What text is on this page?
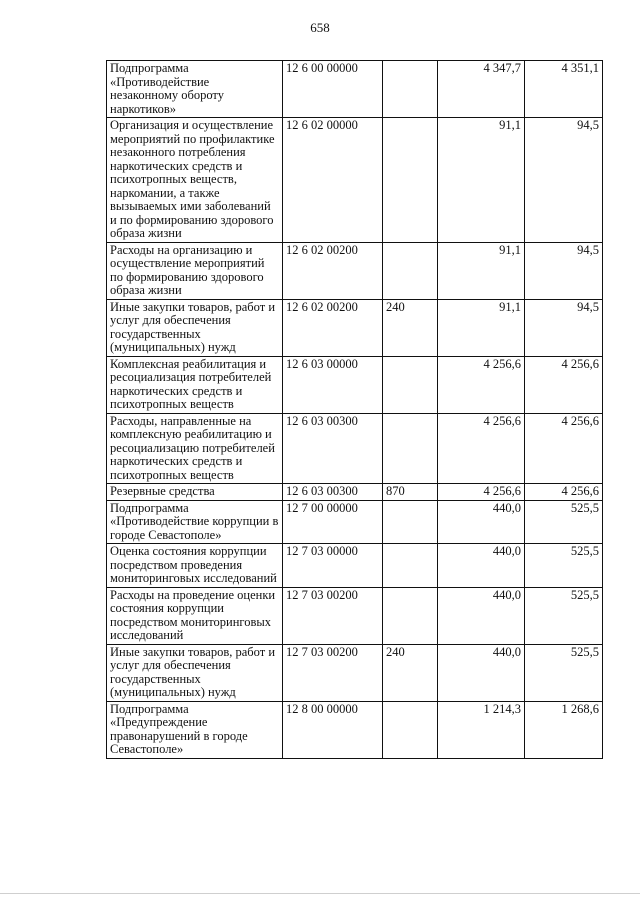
658
Подпрограмма «Противодействие незаконному обороту наркотиков»	12 6 00 00000		4 347,7	4 351,1
Организация и осуществление мероприятий по профилактике незаконного потребления наркотических средств и психотропных веществ, наркомании, а также вызываемых ими заболеваний и по формированию здорового образа жизни	12 6 02 00000		91,1	94,5
Расходы на организацию и осуществление мероприятий по формированию здорового образа жизни	12 6 02 00200		91,1	94,5
Иные закупки товаров, работ и услуг для обеспечения государственных (муниципальных) нужд	12 6 02 00200	240	91,1	94,5
Комплексная реабилитация и ресоциализация потребителей наркотических средств и психотропных веществ	12 6 03 00000		4 256,6	4 256,6
Расходы, направленные на комплексную реабилитацию и ресоциализацию потребителей наркотических средств и психотропных веществ	12 6 03 00300		4 256,6	4 256,6
Резервные средства	12 6 03 00300	870	4 256,6	4 256,6
Подпрограмма «Противодействие коррупции в городе Севастополе»	12 7 00 00000		440,0	525,5
Оценка состояния коррупции посредством проведения мониторинговых исследований	12 7 03 00000		440,0	525,5
Расходы на проведение оценки состояния коррупции посредством мониторинговых исследований	12 7 03 00200		440,0	525,5
Иные закупки товаров, работ и услуг для обеспечения государственных (муниципальных) нужд	12 7 03 00200	240	440,0	525,5
Подпрограмма «Предупреждение правонарушений в городе Севастополе»	12 8 00 00000		1 214,3	1 268,6
